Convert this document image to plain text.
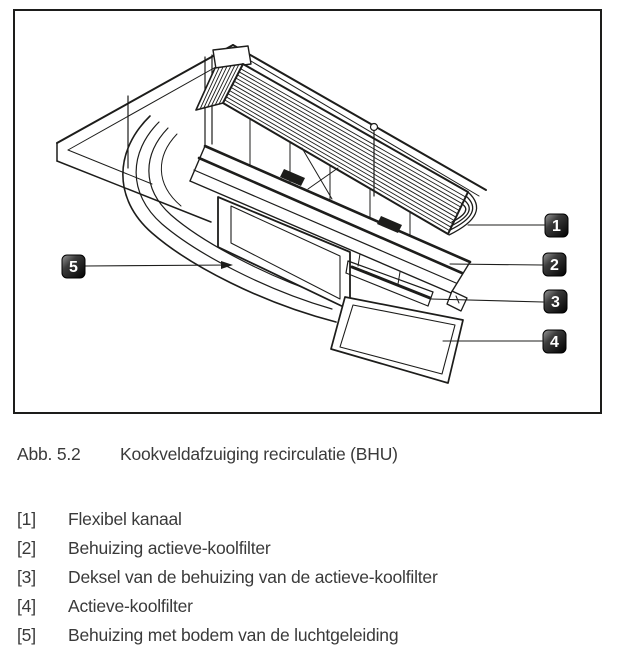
1
2
3
4
5
Abb. 5.2 Kookveldafzuiging recirculatie (BHU)
[1]	Flexibel kanaal
[2]	Behuizing actieve-koolfilter
[3]	Deksel van de behuizing van de actieve-koolfilter
[4]	Actieve-koolfilter
[5]	Behuizing met bodem van de luchtgeleiding
